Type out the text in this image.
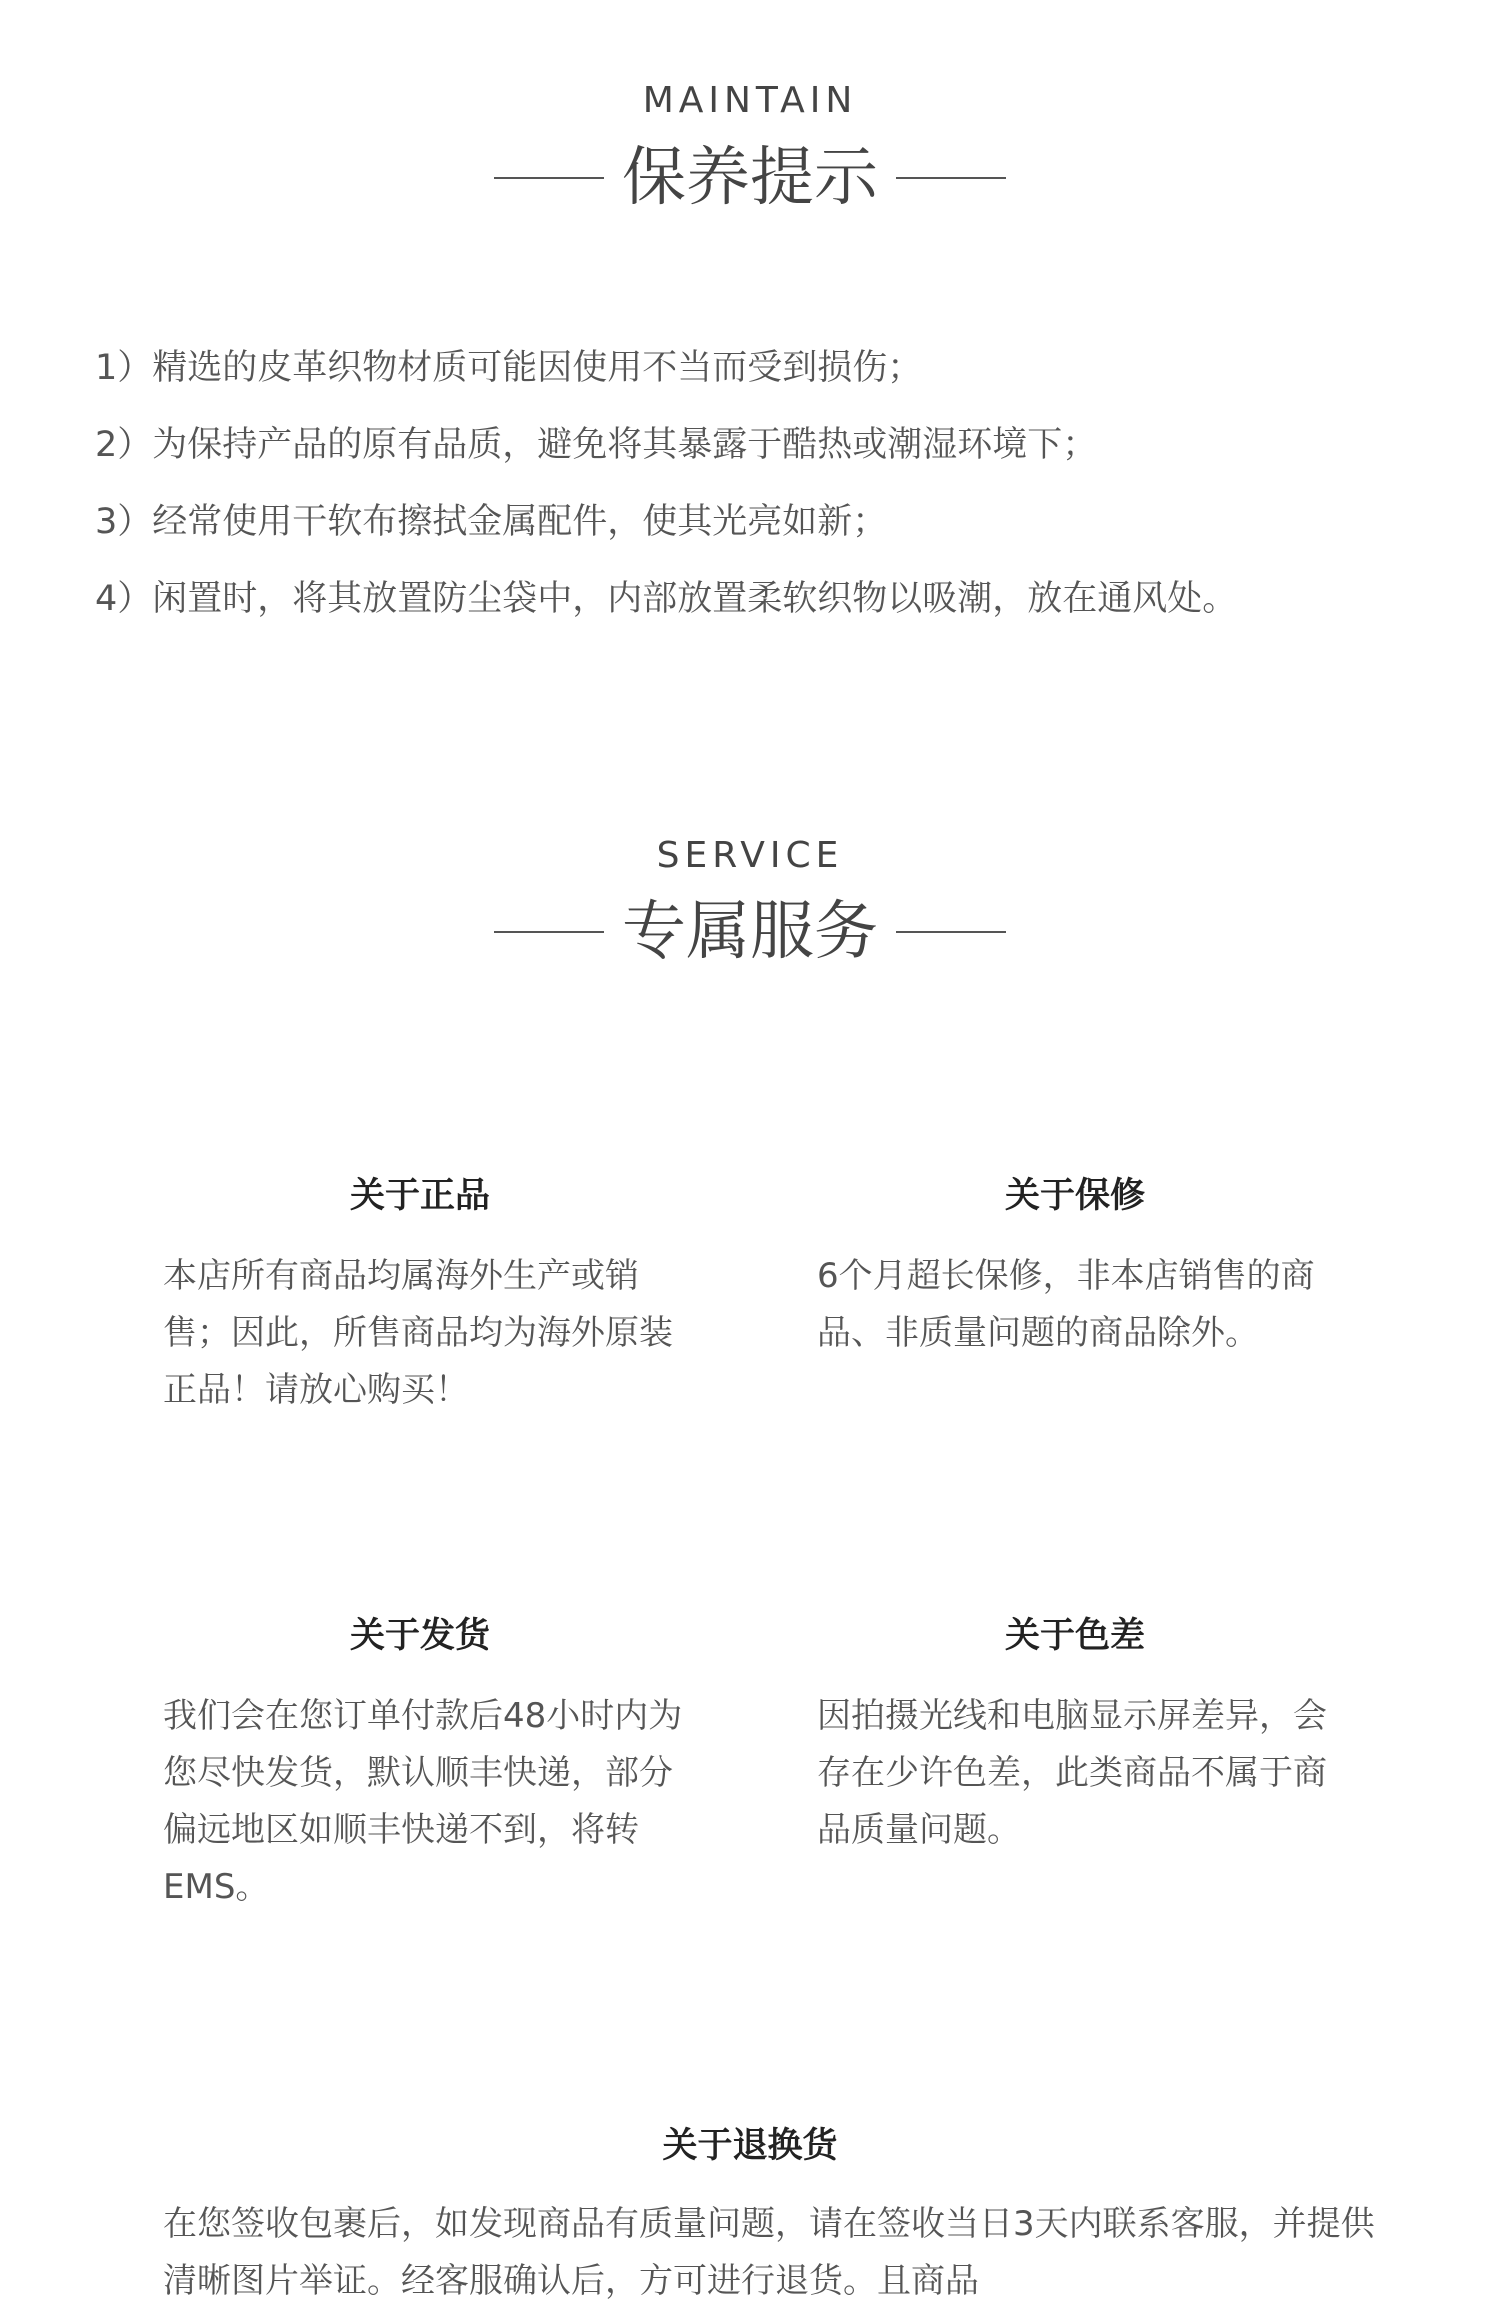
MAINTAIN
保养提示
1）精选的皮革织物材质可能因使用不当而受到损伤；
2）为保持产品的原有品质，避免将其暴露于酷热或潮湿环境下；
3）经常使用干软布擦拭金属配件，使其光亮如新；
4）闲置时，将其放置防尘袋中，内部放置柔软织物以吸潮，放在通风处。
SERVICE
专属服务
关于正品
本店所有商品均属海外生产或销售；因此，所售商品均为海外原装正品！请放心购买！
关于保修
6个月超长保修，非本店销售的商品、非质量问题的商品除外。
关于发货
我们会在您订单付款后48小时内为您尽快发货，默认顺丰快递，部分偏远地区如顺丰快递不到，将转EMS。
关于色差
因拍摄光线和电脑显示屏差异，会存在少许色差，此类商品不属于商品质量问题。
关于退换货
在您签收包裹后，如发现商品有质量问题，请在签收当日3天内联系客服，并提供清晰图片举证。经客服确认后，方可进行退货。且商品
